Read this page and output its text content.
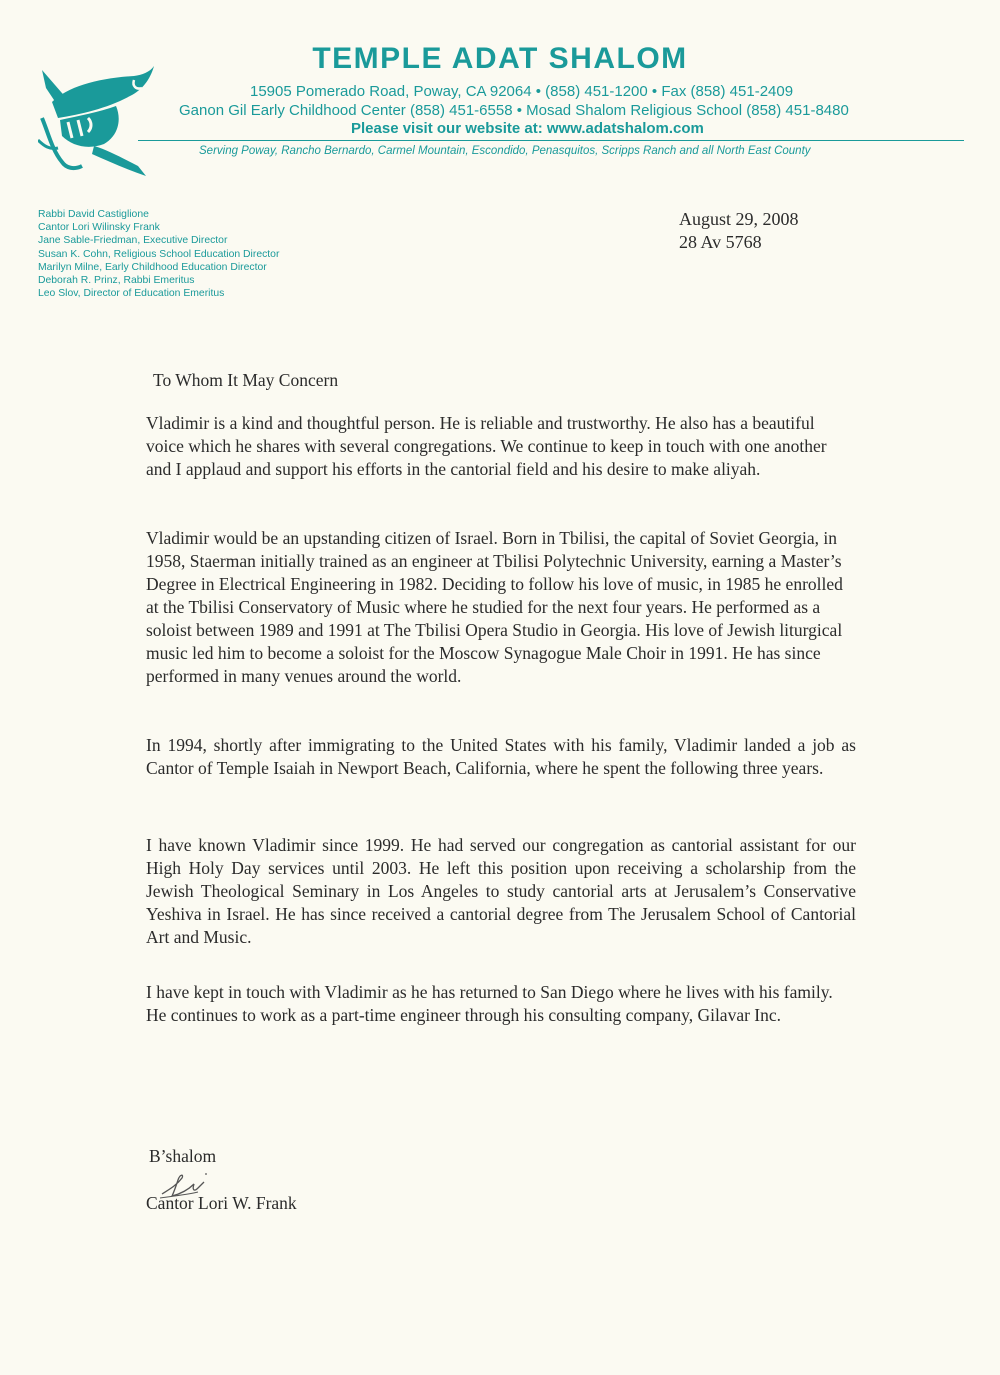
TEMPLE ADAT SHALOM
15905 Pomerado Road, Poway, CA 92064 • (858) 451-1200 • Fax (858) 451-2409
Ganon Gil Early Childhood Center (858) 451-6558 • Mosad Shalom Religious School (858) 451-8480
Please visit our website at: www.adatshalom.com
Serving Poway, Rancho Bernardo, Carmel Mountain, Escondido, Penasquitos, Scripps Ranch and all North East County
Rabbi David Castiglione
Cantor Lori Wilinsky Frank
Jane Sable-Friedman, Executive Director
Susan K. Cohn, Religious School Education Director
Marilyn Milne, Early Childhood Education Director
Deborah R. Prinz, Rabbi Emeritus
Leo Slov, Director of Education Emeritus
August 29, 2008
28 Av 5768
To Whom It May Concern

Vladimir is a kind and thoughtful person. He is reliable and trustworthy. He also has a beautiful voice which he shares with several congregations. We continue to keep in touch with one another and I applaud and support his efforts in the cantorial field and his desire to make aliyah.

Vladimir would be an upstanding citizen of Israel. Born in Tbilisi, the capital of Soviet Georgia, in 1958, Staerman initially trained as an engineer at Tbilisi Polytechnic University, earning a Master’s Degree in Electrical Engineering in 1982. Deciding to follow his love of music, in 1985 he enrolled at the Tbilisi Conservatory of Music where he studied for the next four years. He performed as a soloist between 1989 and 1991 at The Tbilisi Opera Studio in Georgia. His love of Jewish liturgical music led him to become a soloist for the Moscow Synagogue Male Choir in 1991. He has since performed in many venues around the world.

In 1994, shortly after immigrating to the United States with his family, Vladimir landed a job as Cantor of Temple Isaiah in Newport Beach, California, where he spent the following three years.

I have known Vladimir since 1999. He had served our congregation as cantorial assistant for our High Holy Day services until 2003. He left this position upon receiving a scholarship from the Jewish Theological Seminary in Los Angeles to study cantorial arts at Jerusalem’s Conservative Yeshiva in Israel. He has since received a cantorial degree from The Jerusalem School of Cantorial Art and Music.

I have kept in touch with Vladimir as he has returned to San Diego where he lives with his family. He continues to work as a part-time engineer through his consulting company, Gilavar Inc.

B’shalom
Cantor Lori W. Frank
